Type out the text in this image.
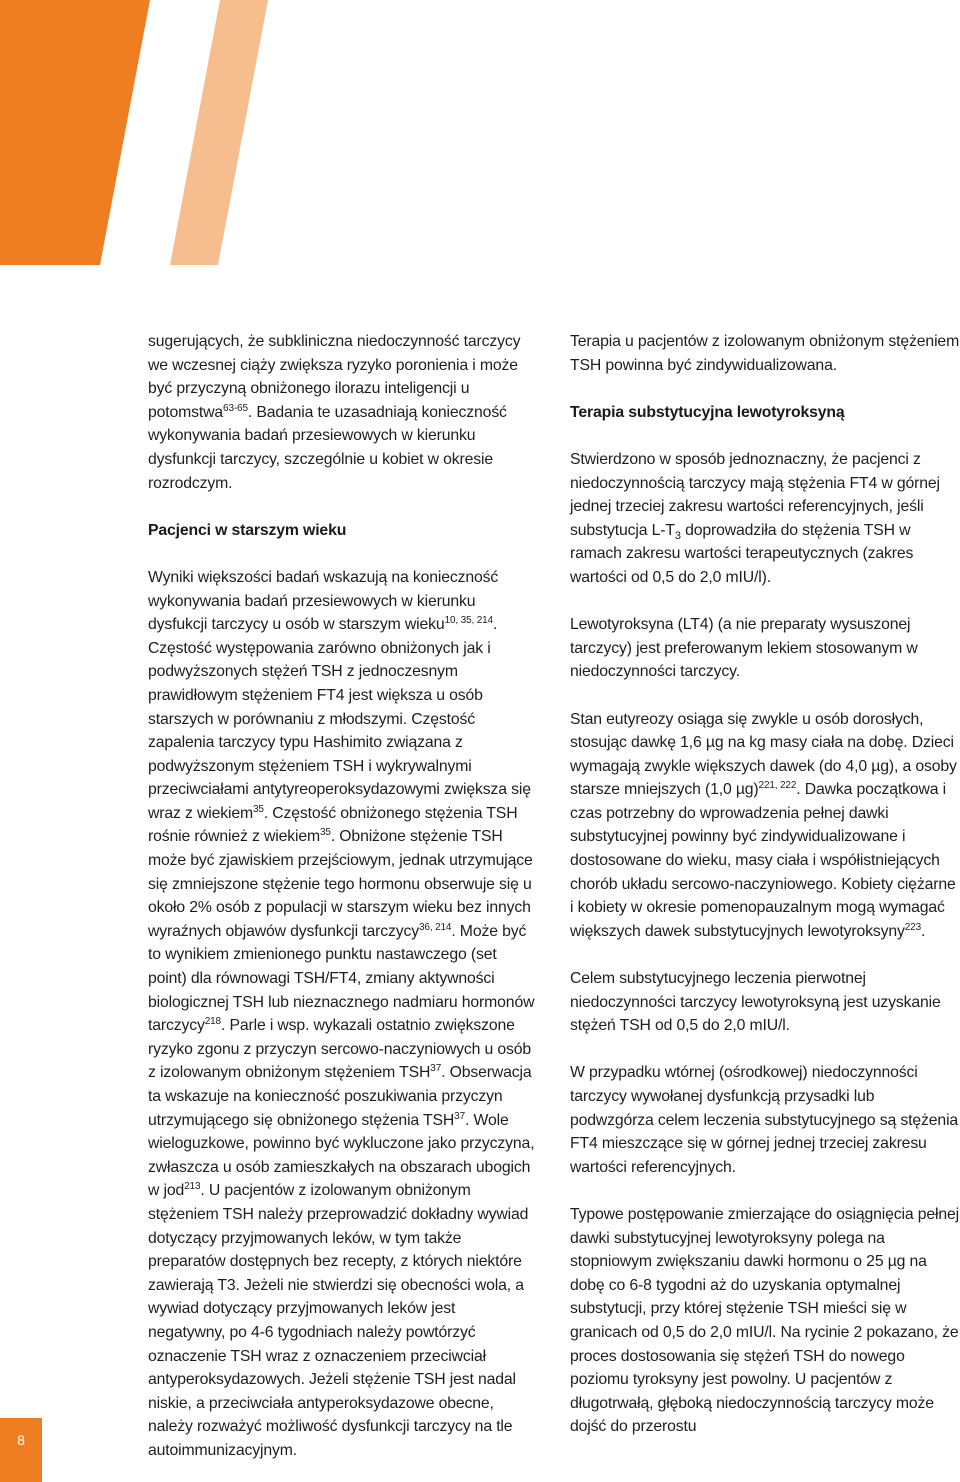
sugerujących, że subkliniczna niedoczynność tarczycy we wczesnej ciąży zwiększa ryzyko poronienia i może być przyczyną obniżonego ilorazu inteligencji u potomstwa$^{63-65}$. Badania te uzasadniają konieczność wykonywania badań przesiewowych w kierunku dysfunkcji tarczycy, szczególnie u kobiet w okresie rozrodczym.

Pacjenci w starszym wieku

Wyniki większości badań wskazują na konieczność wykonywania badań przesiewowych w kierunku dysfukcji tarczycy u osób w starszym wieku$^{10, 35, 214}$. Częstość występowania zarówno obniżonych jak i podwyższonych stężeń TSH z jednoczesnym prawidłowym stężeniem FT4 jest większa u osób starszych w porównaniu z młodszymi. Częstość zapalenia tarczycy typu Hashimito związana z podwyższonym stężeniem TSH i wykrywalnymi przeciwciałami antytyreoperoksydazowymi zwiększa się wraz z wiekiem$^{35}$. Częstość obniżonego stężenia TSH rośnie również z wiekiem$^{35}$. Obniżone stężenie TSH może być zjawiskiem przejściowym, jednak utrzymujące się zmniejszone stężenie tego hormonu obserwuje się u około 2% osób z populacji w starszym wieku bez innych wyraźnych objawów dysfunkcji tarczycy$^{36, 214}$. Może być to wynikiem zmienionego punktu nastawczego (set point) dla równowagi TSH/FT4, zmiany aktywności biologicznej TSH lub nieznacznego nadmiaru hormonów tarczycy$^{218}$. Parle i wsp. wykazali ostatnio zwiększone ryzyko zgonu z przyczyn sercowo-naczyniowych u osób z izolowanym obniżonym stężeniem TSH$^{37}$. Obserwacja ta wskazuje na konieczność poszukiwania przyczyn utrzymującego się obniżonego stężenia TSH$^{37}$. Wole wieloguzkowe, powinno być wykluczone jako przyczyna, zwłaszcza u osób zamieszkałych na obszarach ubogich w jod$^{213}$. U pacjentów z izolowanym obniżonym stężeniem TSH należy przeprowadzić dokładny wywiad dotyczący przyjmowanych leków, w tym także preparatów dostępnych bez recepty, z których niektóre zawierają T3. Jeżeli nie stwierdzi się obecności wola, a wywiad dotyczący przyjmowanych leków jest negatywny, po 4-6 tygodniach należy powtórzyć oznaczenie TSH wraz z oznaczeniem przeciwciał antyperoksydazowych. Jeżeli stężenie TSH jest nadal niskie, a przeciwciała antyperoksydazowe obecne, należy rozważyć możliwość dysfunkcji tarczycy na tle autoimmunizacyjnym.

Terapia u pacjentów z izolowanym obniżonym stężeniem TSH powinna być zindywidualizowana.

Terapia substytucyjna lewotyroksyną

Stwierdzono w sposób jednoznaczny, że pacjenci z niedoczynnością tarczycy mają stężenia FT4 w górnej jednej trzeciej zakresu wartości referencyjnych, jeśli substytucja $L-T_3$ doprowadziła do stężenia TSH w ramach zakresu wartości terapeutycznych (zakres wartości od 0,5 do 2,0 mIU/l).

Lewotyroksyna (LT4) (a nie preparaty wysuszonej tarczycy) jest preferowanym lekiem stosowanym w niedoczynności tarczycy.

Stan eutyreozy osiąga się zwykle u osób dorosłych, stosując dawkę 1,6 µg na kg masy ciała na dobę. Dzieci wymagają zwykle większych dawek (do 4,0 µg), a osoby starsze mniejszych (1,0 µg)$^{221, 222}$. Dawka początkowa i czas potrzebny do wprowadzenia pełnej dawki substytucyjnej powinny być zindywidualizowane i dostosowane do wieku, masy ciała i współistniejących chorób układu sercowo-naczyniowego. Kobiety ciężarne i kobiety w okresie pomenopauzalnym mogą wymagać większych dawek substytucyjnych lewotyroksyny$^{223}$.

Celem substytucyjnego leczenia pierwotnej niedoczynności tarczycy lewotyroksyną jest uzyskanie stężeń TSH od 0,5 do 2,0 mIU/l.

W przypadku wtórnej (ośrodkowej) niedoczynności tarczycy wywołanej dysfunkcją przysadki lub podwzgórza celem leczenia substytucyjnego są stężenia FT4 mieszczące się w górnej jednej trzeciej zakresu wartości referencyjnych.

Typowe postępowanie zmierzające do osiągnięcia pełnej dawki substytucyjnej lewotyroksyny polega na stopniowym zwiększaniu dawki hormonu o 25 µg na dobę co 6-8 tygodni aż do uzyskania optymalnej substytucji, przy której stężenie TSH mieści się w granicach od 0,5 do 2,0 mIU/l. Na rycinie 2 pokazano, że proces dostosowania się stężeń TSH do nowego poziomu tyroksyny jest powolny. U pacjentów z długotrwałą, głęboką niedoczynnością tarczycy może dojść do przerostu

8
